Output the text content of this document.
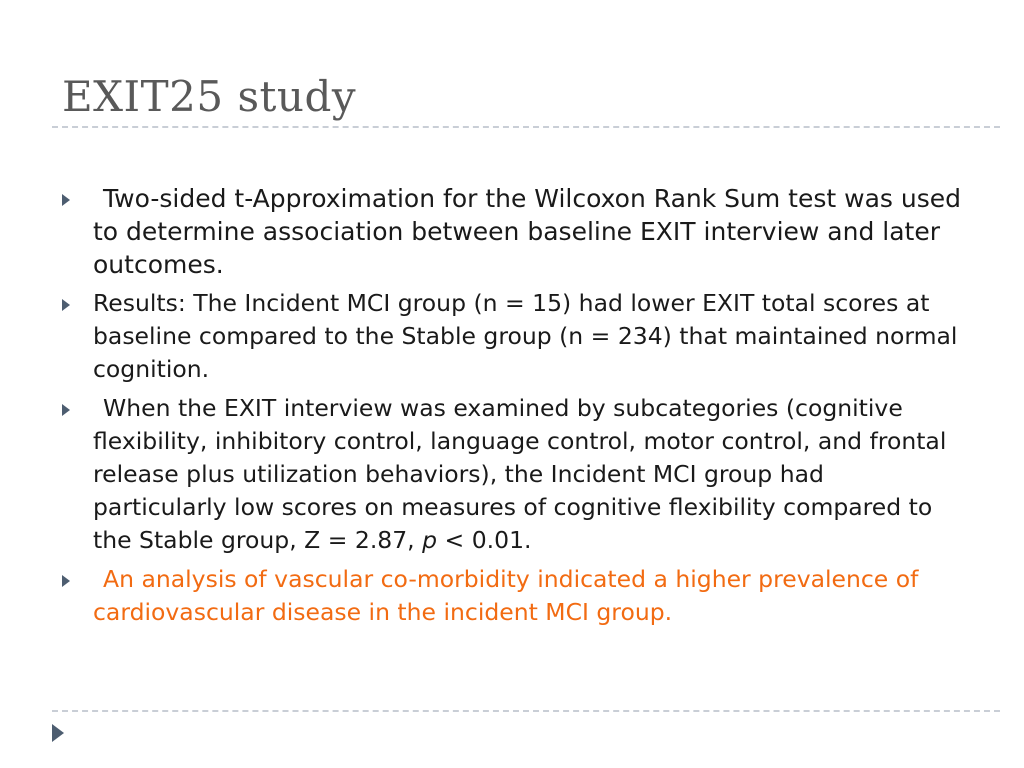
EXIT25 study
Two-sided t-Approximation for the Wilcoxon Rank Sum test was used to determine association between baseline EXIT interview and later outcomes.
Results: The Incident MCI group (n = 15) had lower EXIT total scores at baseline compared to the Stable group (n = 234) that maintained normal cognition.
When the EXIT interview was examined by subcategories (cognitive flexibility, inhibitory control, language control, motor control, and frontal release plus utilization behaviors), the Incident MCI group had particularly low scores on measures of cognitive flexibility compared to the Stable group, Z = 2.87, p < 0.01.
An analysis of vascular co-morbidity indicated a higher prevalence of cardiovascular disease in the incident MCI group.
